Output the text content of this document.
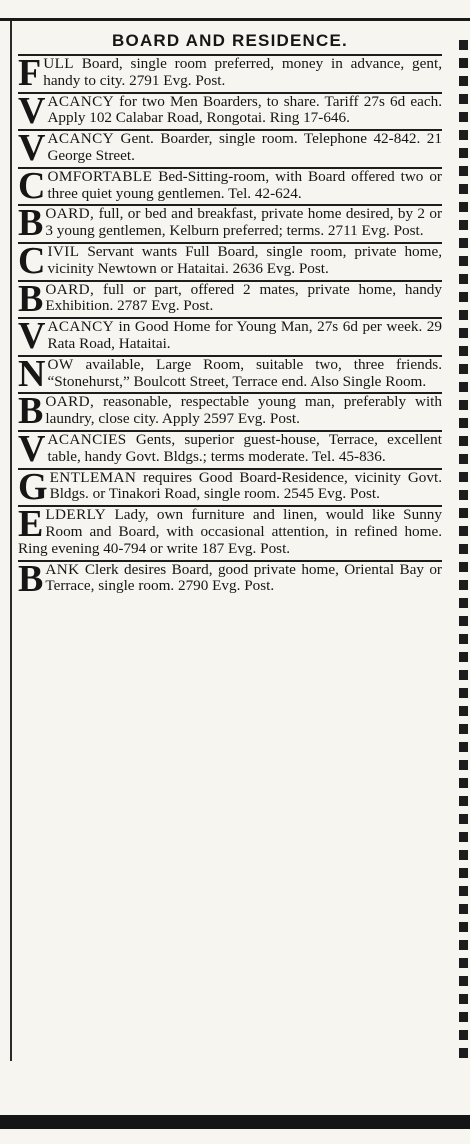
BOARD AND RESIDENCE.

FULL Board, single room preferred, money in advance, gent, handy to city. 2791 Evg. Post.

VACANCY for two Men Boarders, to share. Tariff 27s 6d each. Apply 102 Calabar Road, Rongotai. Ring 17-646.

VACANCY Gent. Boarder, single room. Telephone 42-842. 21 George Street.

COMFORTABLE Bed-Sitting-room, with Board offered two or three quiet young gentlemen. Tel. 42-624.

BOARD, full, or bed and breakfast, private home desired, by 2 or 3 young gentlemen, Kelburn preferred; terms. 2711 Evg. Post.

CIVIL Servant wants Full Board, single room, private home, vicinity Newtown or Hataitai. 2636 Evg. Post.

BOARD, full or part, offered 2 mates, private home, handy Exhibition. 2787 Evg. Post.

VACANCY in Good Home for Young Man, 27s 6d per week. 29 Rata Road, Hataitai.

NOW available, Large Room, suitable two, three friends. “Stonehurst,” Boulcott Street, Terrace end. Also Single Room.

BOARD, reasonable, respectable young man, preferably with laundry, close city. Apply 2597 Evg. Post.

VACANCIES Gents, superior guest-house, Terrace, excellent table, handy Govt. Bldgs.; terms moderate. Tel. 45-836.

GENTLEMAN requires Good Board-Residence, vicinity Govt. Bldgs. or Tinakori Road, single room. 2545 Evg. Post.

ELDERLY Lady, own furniture and linen, would like Sunny Room and Board, with occasional attention, in refined home. Ring evening 40-794 or write 187 Evg. Post.

BANK Clerk desires Board, good private home, Oriental Bay or Terrace, single room. 2790 Evg. Post.
